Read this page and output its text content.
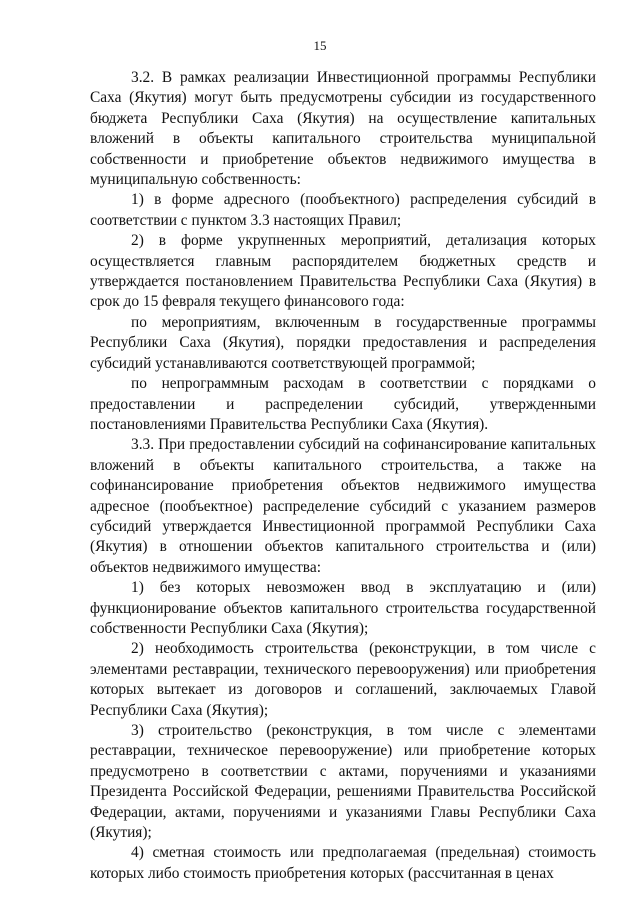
15

3.2. В рамках реализации Инвестиционной программы Республики Саха (Якутия) могут быть предусмотрены субсидии из государственного бюджета Республики Саха (Якутия) на осуществление капитальных вложений в объекты капитального строительства муниципальной собственности и приобретение объектов недвижимого имущества в муниципальную собственность:

1) в форме адресного (пообъектного) распределения субсидий в соответствии с пунктом 3.3 настоящих Правил;

2) в форме укрупненных мероприятий, детализация которых осуществляется главным распорядителем бюджетных средств и утверждается постановлением Правительства Республики Саха (Якутия) в срок до 15 февраля текущего финансового года:

по мероприятиям, включенным в государственные программы Республики Саха (Якутия), порядки предоставления и распределения субсидий устанавливаются соответствующей программой;

по непрограммным расходам в соответствии с порядками о предоставлении и распределении субсидий, утвержденными постановлениями Правительства Республики Саха (Якутия).

3.3. При предоставлении субсидий на софинансирование капитальных вложений в объекты капитального строительства, а также на софинансирование приобретения объектов недвижимого имущества адресное (пообъектное) распределение субсидий с указанием размеров субсидий утверждается Инвестиционной программой Республики Саха (Якутия) в отношении объектов капитального строительства и (или) объектов недвижимого имущества:

1) без которых невозможен ввод в эксплуатацию и (или) функционирование объектов капитального строительства государственной собственности Республики Саха (Якутия);

2) необходимость строительства (реконструкции, в том числе с элементами реставрации, технического перевооружения) или приобретения которых вытекает из договоров и соглашений, заключаемых Главой Республики Саха (Якутия);

3) строительство (реконструкция, в том числе с элементами реставрации, техническое перевооружение) или приобретение которых предусмотрено в соответствии с актами, поручениями и указаниями Президента Российской Федерации, решениями Правительства Российской Федерации, актами, поручениями и указаниями Главы Республики Саха (Якутия);

4) сметная стоимость или предполагаемая (предельная) стоимость которых либо стоимость приобретения которых (рассчитанная в ценах
